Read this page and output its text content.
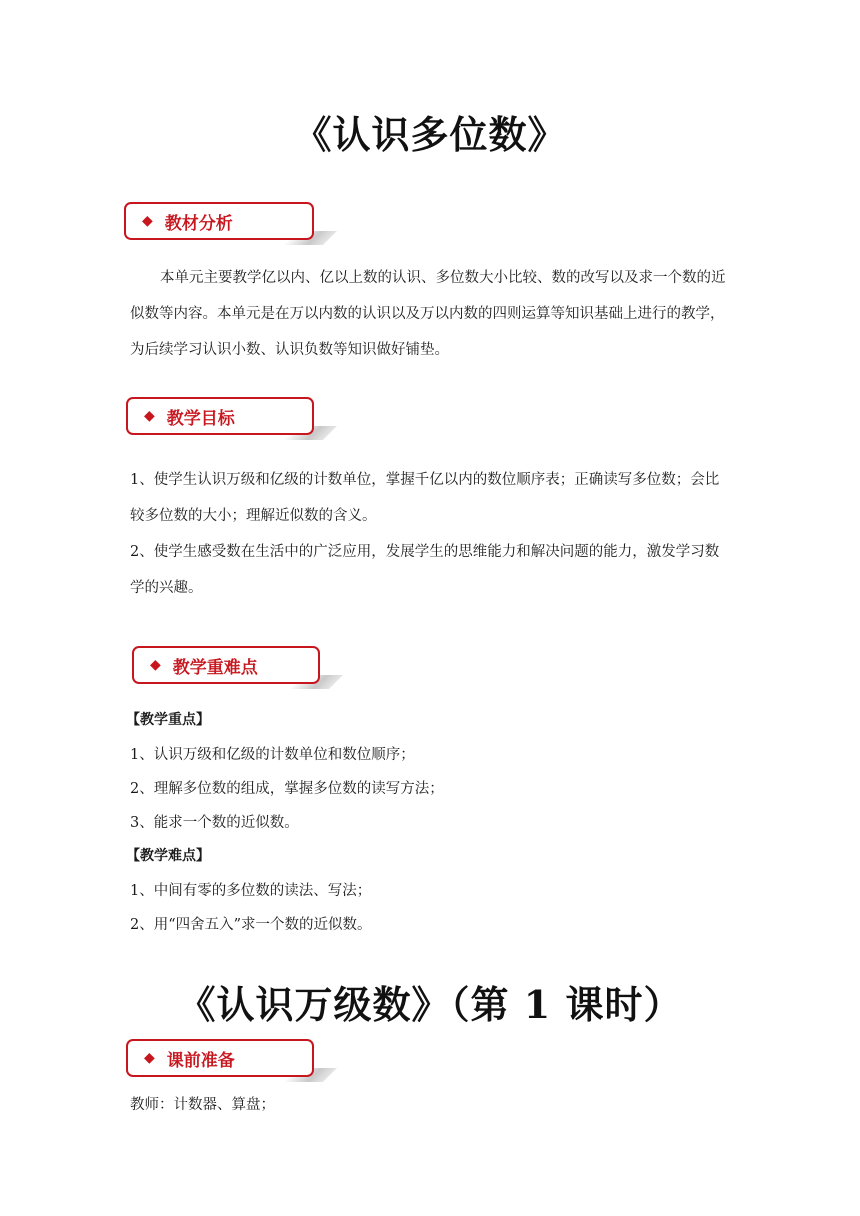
《认识多位数》
◆ 教材分析

本单元主要教学亿以内、亿以上数的认识、多位数大小比较、数的改写以及求一个数的近似数等内容。本单元是在万以内数的认识以及万以内数的四则运算等知识基础上进行的教学，为后续学习认识小数、认识负数等知识做好铺垫。

◆ 教学目标

1、使学生认识万级和亿级的计数单位，掌握千亿以内的数位顺序表；正确读写多位数；会比较多位数的大小；理解近似数的含义。

2、使学生感受数在生活中的广泛应用，发展学生的思维能力和解决问题的能力，激发学习数学的兴趣。

◆ 教学重难点
【教学重点】
1、认识万级和亿级的计数单位和数位顺序；
2、理解多位数的组成，掌握多位数的读写方法；
3、能求一个数的近似数。
【教学难点】
1、中间有零的多位数的读法、写法；
2、用“四舍五入”求一个数的近似数。
《认识万级数》（第 1 课时）
◆ 课前准备
教师：计数器、算盘；
